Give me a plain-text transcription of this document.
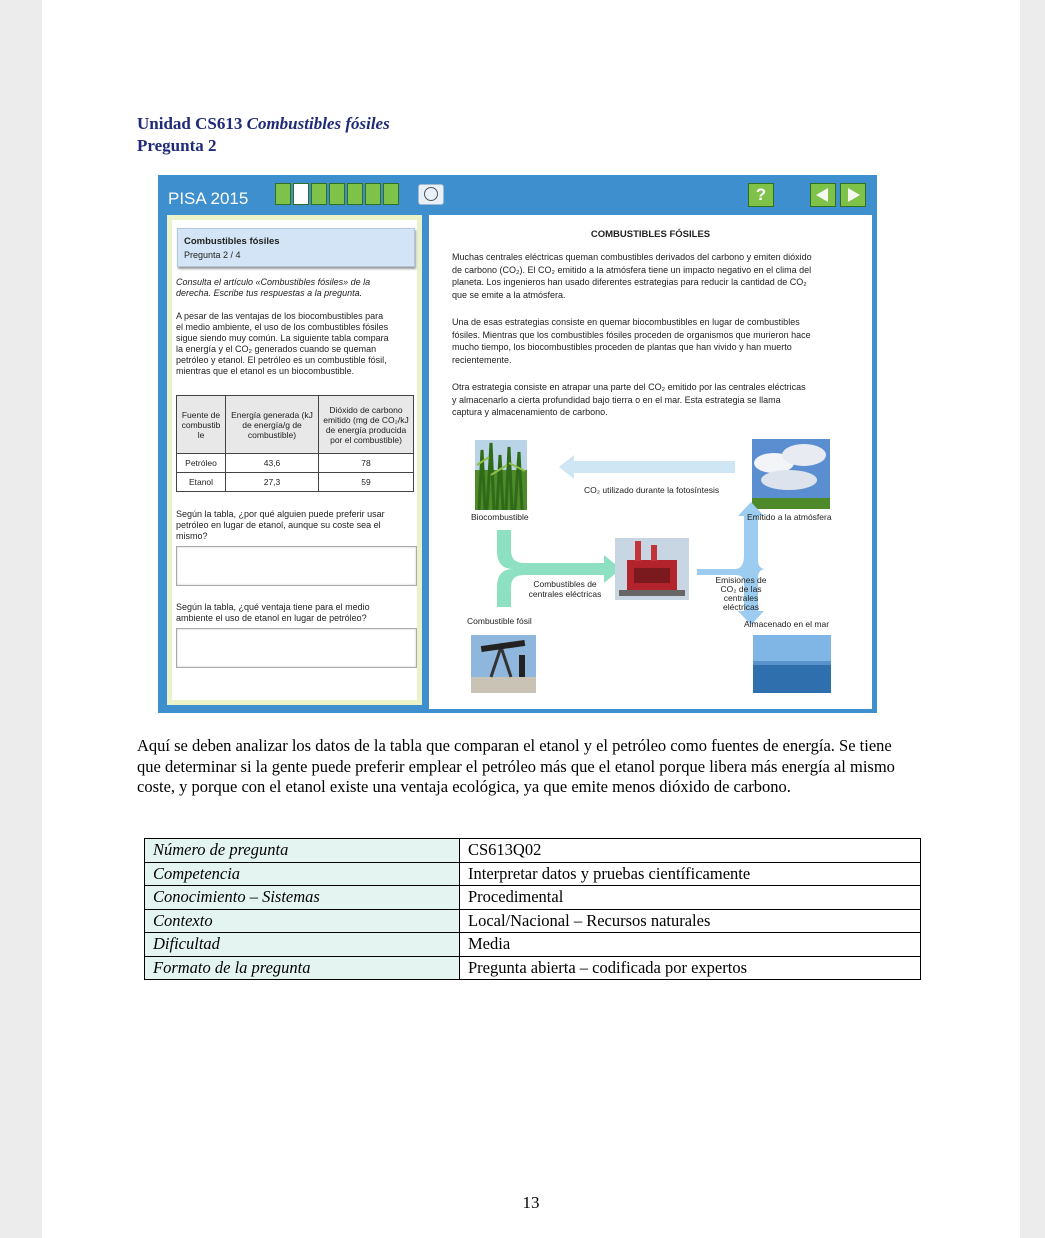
Unidad CS613 Combustibles fósiles
Pregunta 2
PISA 2015	?
Combustibles fósiles
Pregunta 2 / 4
Consulta el artículo «Combustibles fósiles» de la
derecha. Escribe tus respuestas a la pregunta.
A pesar de las ventajas de los biocombustibles para
el medio ambiente, el uso de los combustibles fósiles
sigue siendo muy común. La siguiente tabla compara
la energía y el CO₂ generados cuando se queman
petróleo y etanol. El petróleo es un combustible fósil,
mientras que el etanol es un biocombustible.
Fuente de combustib le	Energía generada (kJ de energía/g de combustible)	Dióxido de carbono emitido (mg de CO₂/kJ de energía producida por el combustible)
Petróleo	43,6	78
Etanol	27,3	59
Según la tabla, ¿por qué alguien puede preferir usar
petróleo en lugar de etanol, aunque su coste sea el
mismo?
Según la tabla, ¿qué ventaja tiene para el medio
ambiente el uso de etanol en lugar de petróleo?
COMBUSTIBLES FÓSILES
Muchas centrales eléctricas queman combustibles derivados del carbono y emiten dióxido
de carbono (CO₂). El CO₂ emitido a la atmósfera tiene un impacto negativo en el clima del
planeta. Los ingenieros han usado diferentes estrategias para reducir la cantidad de CO₂
que se emite a la atmósfera.
Una de esas estrategias consiste en quemar biocombustibles en lugar de combustibles
fósiles. Mientras que los combustibles fósiles proceden de organismos que murieron hace
mucho tiempo, los biocombustibles proceden de plantas que han vivido y han muerto
recientemente.
Otra estrategia consiste en atrapar una parte del CO₂ emitido por las centrales eléctricas
y almacenarlo a cierta profundidad bajo tierra o en el mar. Esta estrategia se llama
captura y almacenamiento de carbono.
CO₂ utilizado durante la fotosíntesis
Biocombustible	Emitido a la atmósfera
Combustibles de
centrales eléctricas
Emisiones de
CO₂ de las
centrales
eléctricas
Combustible fósil	Almacenado en el mar
Aquí se deben analizar los datos de la tabla que comparan el etanol y el petróleo como fuentes de energía. Se tiene que determinar si la gente puede preferir emplear el petróleo más que el etanol porque libera más energía al mismo coste, y porque con el etanol existe una ventaja ecológica, ya que emite menos dióxido de carbono.
Número de pregunta	CS613Q02
Competencia	Interpretar datos y pruebas científicamente
Conocimiento – Sistemas	Procedimental
Contexto	Local/Nacional – Recursos naturales
Dificultad	Media
Formato de la pregunta	Pregunta abierta – codificada por expertos
13
